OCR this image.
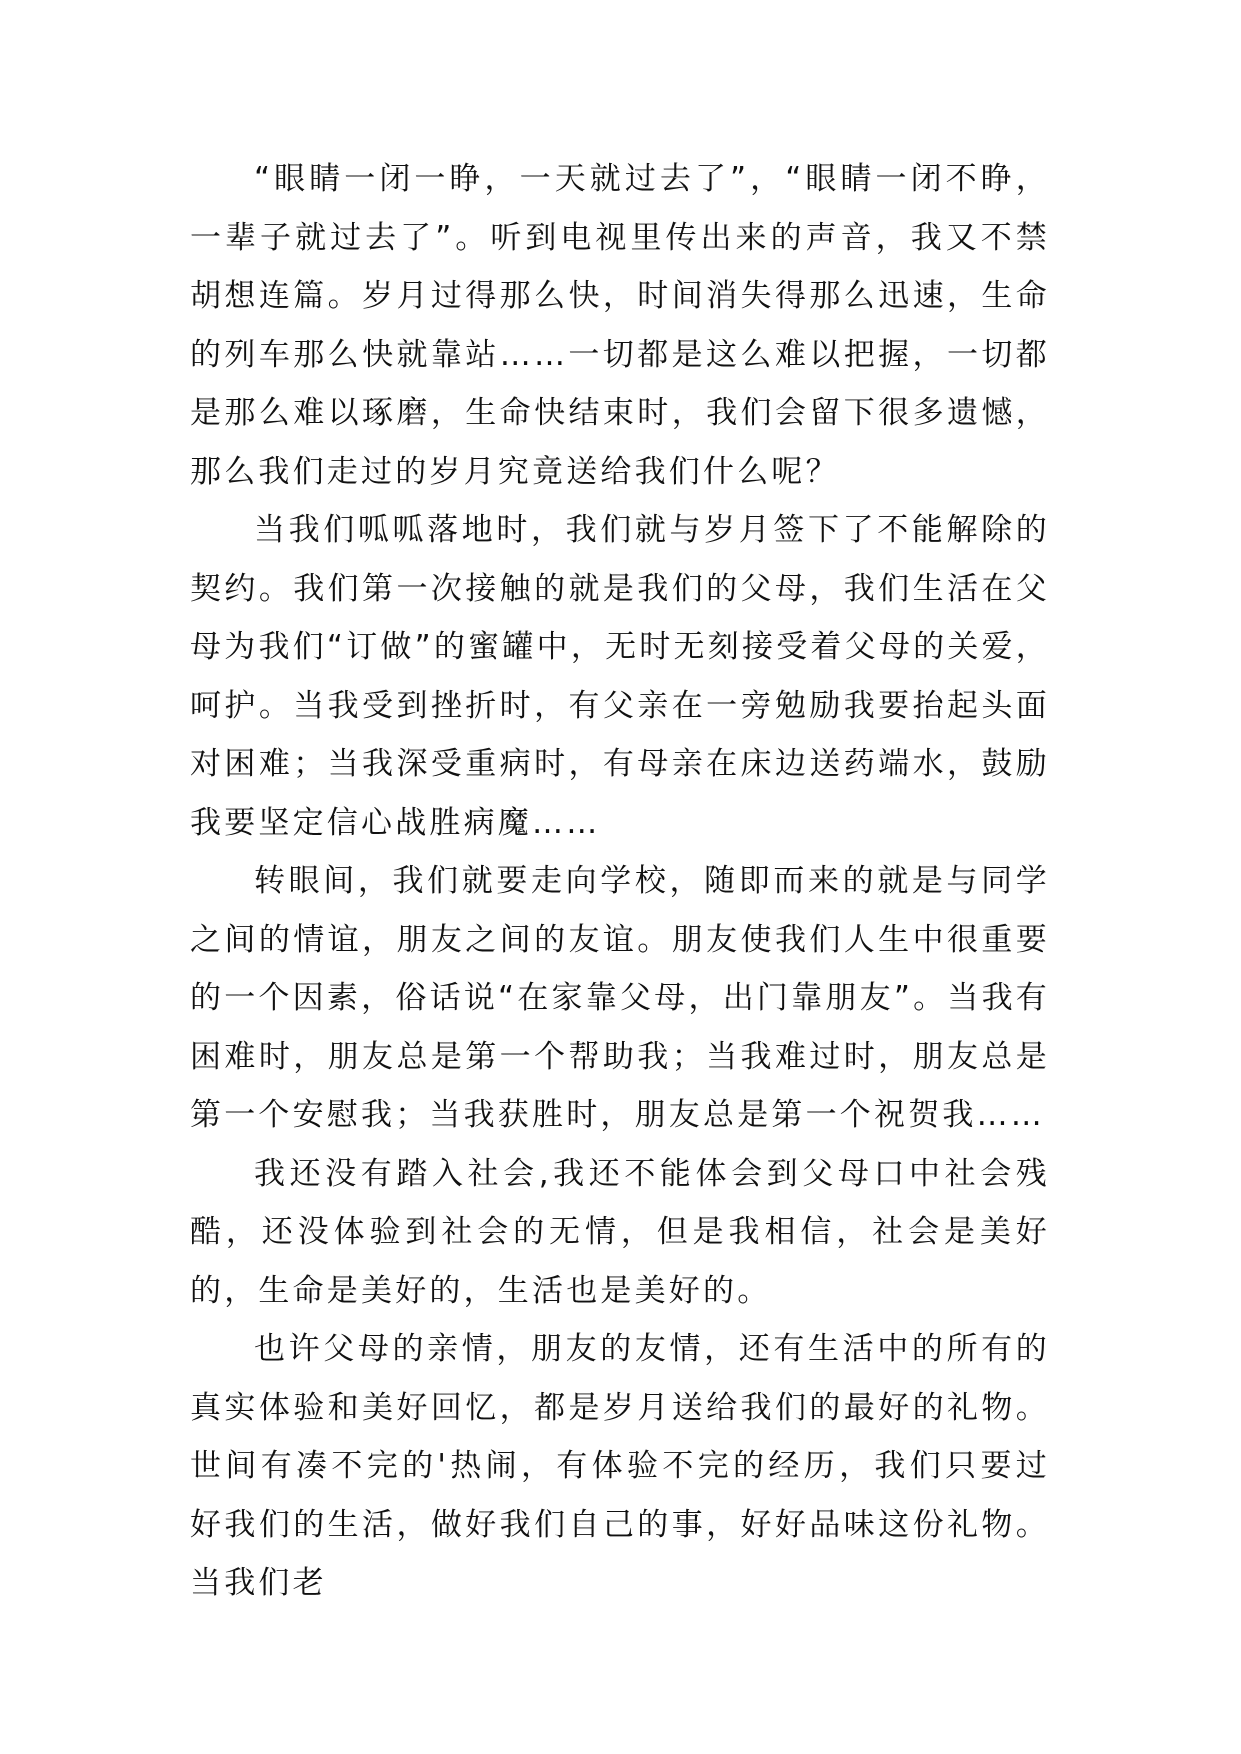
“眼睛一闭一睁，一天就过去了”，“眼睛一闭不睁，一辈子就过去了”。听到电视里传出来的声音，我又不禁胡想连篇。岁月过得那么快，时间消失得那么迅速，生命的列车那么快就靠站……一切都是这么难以把握，一切都是那么难以琢磨，生命快结束时，我们会留下很多遗憾，那么我们走过的岁月究竟送给我们什么呢？

当我们呱呱落地时，我们就与岁月签下了不能解除的契约。我们第一次接触的就是我们的父母，我们生活在父母为我们“订做”的蜜罐中，无时无刻接受着父母的关爱，呵护。当我受到挫折时，有父亲在一旁勉励我要抬起头面对困难；当我深受重病时，有母亲在床边送药端水，鼓励我要坚定信心战胜病魔……

转眼间，我们就要走向学校，随即而来的就是与同学之间的情谊，朋友之间的友谊。朋友使我们人生中很重要的一个因素，俗话说“在家靠父母，出门靠朋友”。当我有困难时，朋友总是第一个帮助我；当我难过时，朋友总是第一个安慰我；当我获胜时，朋友总是第一个祝贺我……

我还没有踏入社会,我还不能体会到父母口中社会残酷，还没体验到社会的无情，但是我相信，社会是美好的，生命是美好的，生活也是美好的。

也许父母的亲情，朋友的友情，还有生活中的所有的真实体验和美好回忆，都是岁月送给我们的最好的礼物。世间有凑不完的'热闹，有体验不完的经历，我们只要过好我们的生活，做好我们自己的事，好好品味这份礼物。当我们老
